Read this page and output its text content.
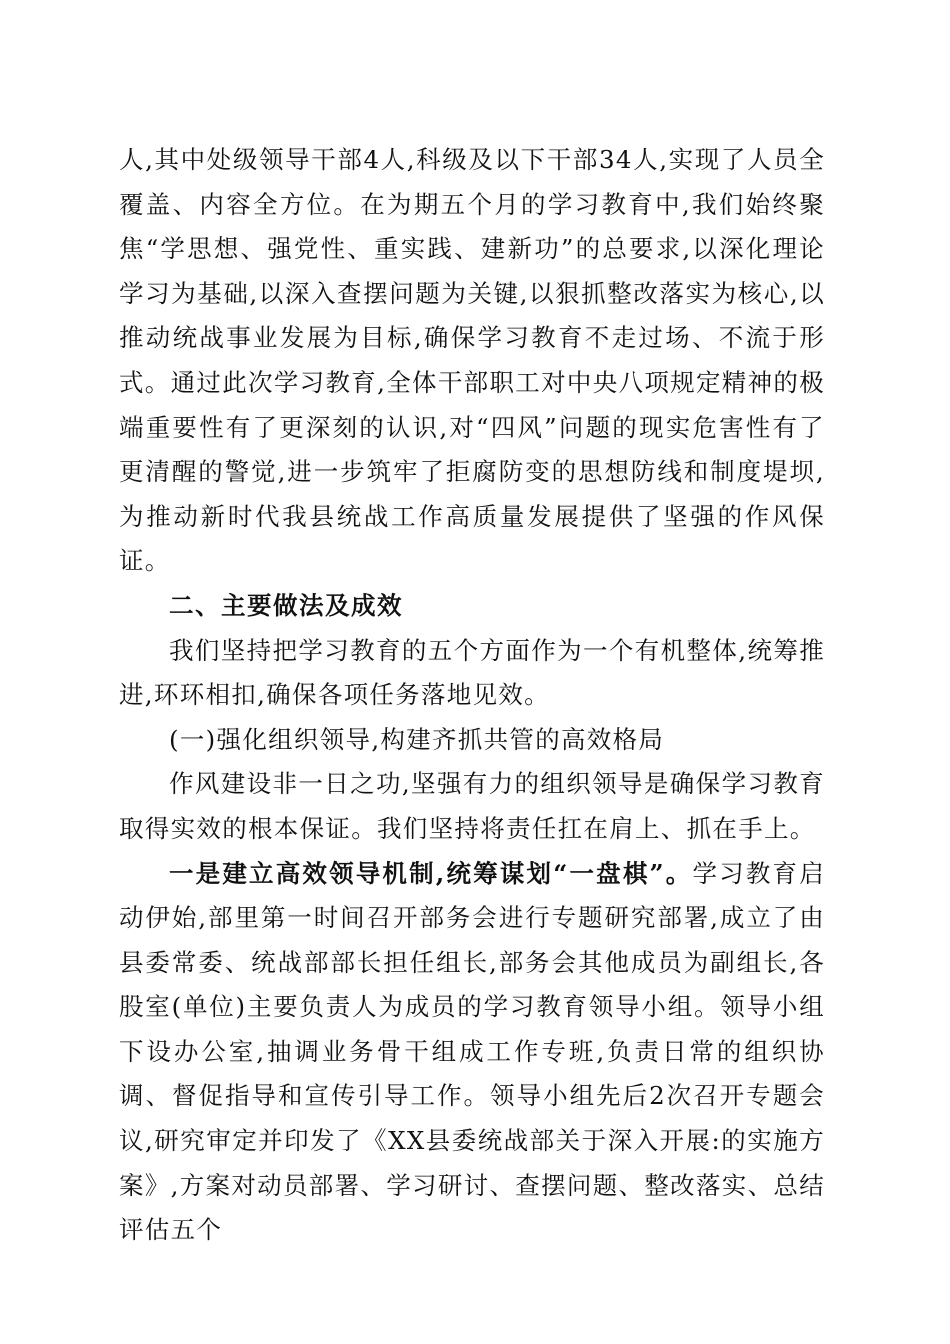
人,其中处级领导干部4人,科级及以下干部34人,实现了人员全覆盖、内容全方位。在为期五个月的学习教育中,我们始终聚焦“学思想、强党性、重实践、建新功”的总要求,以深化理论学习为基础,以深入查摆问题为关键,以狠抓整改落实为核心,以推动统战事业发展为目标,确保学习教育不走过场、不流于形式。通过此次学习教育,全体干部职工对中央八项规定精神的极端重要性有了更深刻的认识,对“四风”问题的现实危害性有了更清醒的警觉,进一步筑牢了拒腐防变的思想防线和制度堤坝,为推动新时代我县统战工作高质量发展提供了坚强的作风保证。

二、主要做法及成效

我们坚持把学习教育的五个方面作为一个有机整体,统筹推进,环环相扣,确保各项任务落地见效。

(一)强化组织领导,构建齐抓共管的高效格局

作风建设非一日之功,坚强有力的组织领导是确保学习教育取得实效的根本保证。我们坚持将责任扛在肩上、抓在手上。

一是建立高效领导机制,统筹谋划“一盘棋”。学习教育启动伊始,部里第一时间召开部务会进行专题研究部署,成立了由县委常委、统战部部长担任组长,部务会其他成员为副组长,各股室(单位)主要负责人为成员的学习教育领导小组。领导小组下设办公室,抽调业务骨干组成工作专班,负责日常的组织协调、督促指导和宣传引导工作。领导小组先后2次召开专题会议,研究审定并印发了《XX县委统战部关于深入开展:的实施方案》,方案对动员部署、学习研讨、查摆问题、整改落实、总结评估五个
